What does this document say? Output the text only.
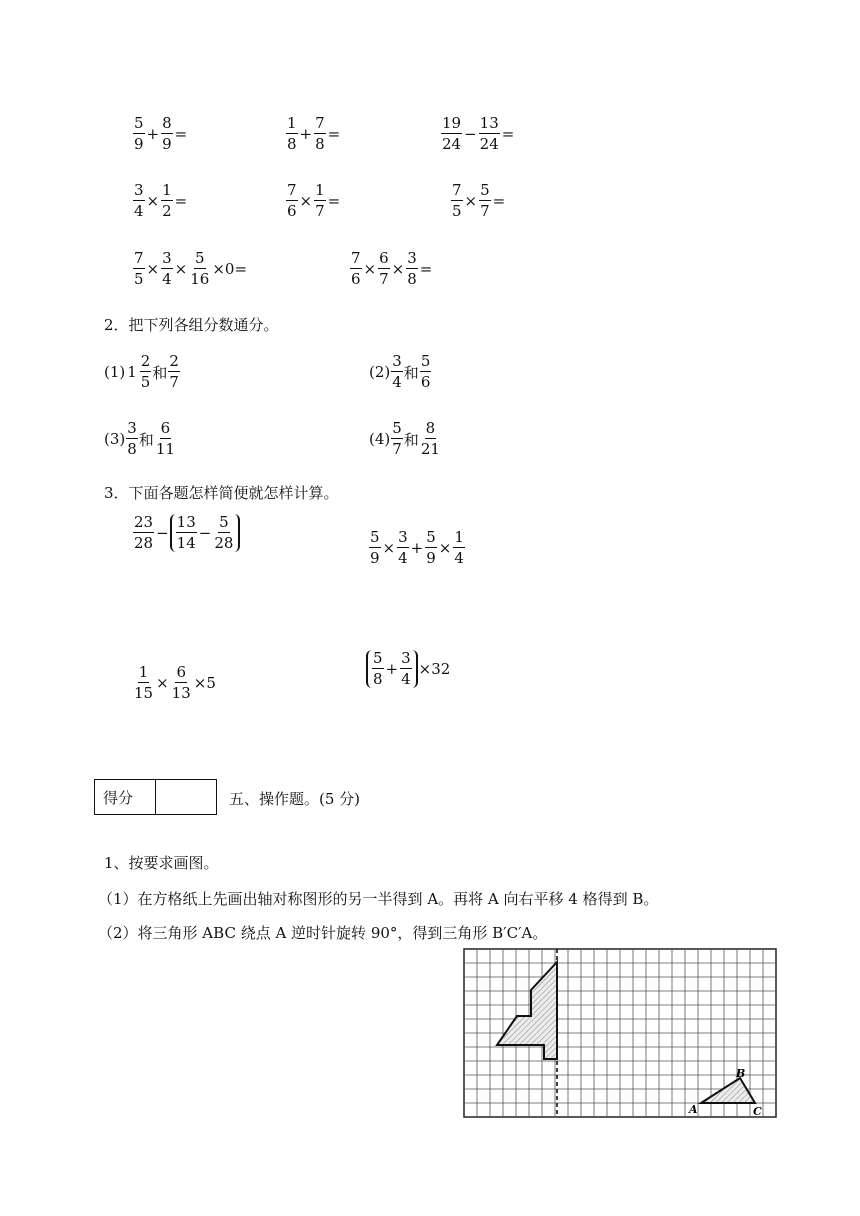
$\frac{5}{9} + \frac{8}{9}$ =	$\frac{1}{8} + \frac{7}{8}$ =	$\frac{19}{24} - \frac{13}{24}$ =
$\frac{3}{4} \times \frac{1}{2}$ =	$\frac{7}{6} \times \frac{1}{7}$ =	$\frac{7}{5} \times \frac{5}{7}$ =
$\frac{7}{5} \times \frac{3}{4} \times \frac{5}{16} \times 0=$	$\frac{7}{6} \times \frac{6}{7} \times \frac{3}{8}$ =
2．把下列各组分数通分。
(1) $1 \frac{2}{5}$ 和 $\frac{2}{7}$	$(2) \frac{3}{4}$ 和 $\frac{5}{6}$
$(3) \frac{3}{8}$ 和 $\frac{6}{11}$	$(4) \frac{5}{7}$ 和 $\frac{8}{21}$
3．下面各题怎样简便就怎样计算。
$\frac{23}{28} - \frac{13}{14} - \frac{5}{28}$	$\frac{5}{9} \times \frac{3}{4} + \frac{5}{9} \times \frac{1}{4}$
$\frac{1}{15} \times \frac{6}{13} \times 5$	$\frac{5}{8} + \frac{3}{4} \times 32$
得分		五、操作题。(5 分)
1、按要求画图。
（1）在方格纸上先画出轴对称图形的另一半得到 A。再将 A 向右平移 4 格得到 B。
（2）将三角形 ABC 绕点 A 逆时针旋转 90°，得到三角形 B′C′A。
A
B
C
